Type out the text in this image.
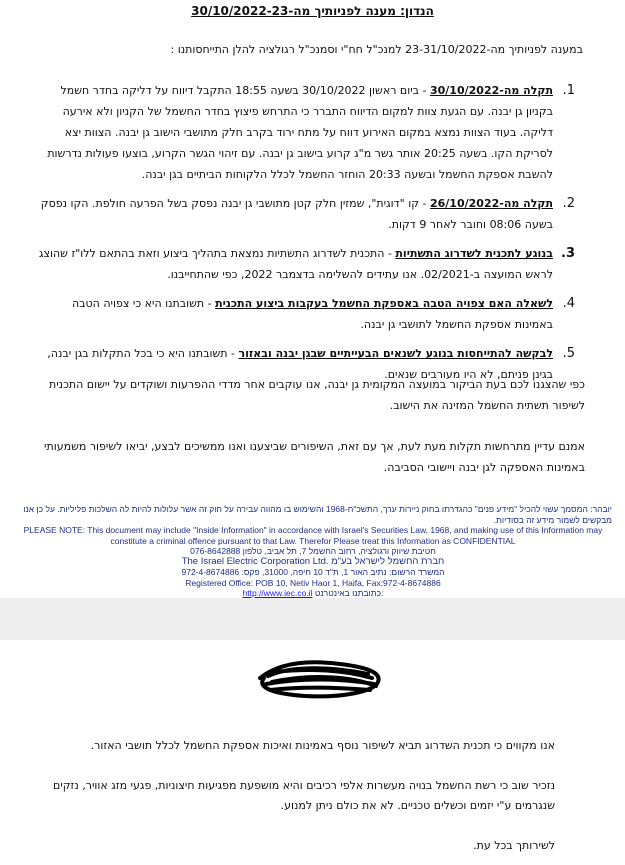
הנדון: מענה לפניותיך מה-30/10/2022-23
במענה לפניותיך מה-23-31/10/2022 למנכ"ל חח"י וסמנכ"ל רגולציה להלן התייחסותנו :
1.
תקלה מה-30/10/2022 - ביום ראשון 30/10/2022 בשעה 18:55 התקבל דיווח על דליקה בחדר חשמל בקניון גן יבנה. עם הגעת צוות למקום הדיווח התברר כי התרחש פיצוץ בחדר החשמל של הקניון ולא אירעה דליקה. בעוד הצוות נמצא במקום האירוע דווח על מתח ירוד בקרב חלק מתושבי הישוב גן יבנה. הצוות יצא לסריקת הקו. בשעה 20:25 אותר גשר מ"ג קרוע בישוב גן יבנה. עם זיהוי הגשר הקרוע, בוצעו פעולות נדרשות להשבת אספקת החשמל ובשעה 20:33 הוחזר החשמל לכלל הלקוחות הביתיים בגן יבנה.
2.
תקלה מה-26/10/2022 - קו "דוגית", שמזין חלק קטן מתושבי גן יבנה נפסק בשל הפרעה חולפת. הקו נפסק בשעה 08:06 וחובר לאחר 9 דקות.
3.
בנוגע לתכנית לשדרוג התשתיות - התכנית לשדרוג התשתיות נמצאת בתהליך ביצוע וזאת בהתאם ללו"ז שהוצג לראש המועצה ב-02/2021. אנו עתידים להשלימה בדצמבר 2022, כפי שהתחייבנו.
4.
לשאלה האם צפויה הטבה באספקת החשמל בעקבות ביצוע התכנית - תשובתנו היא כי צפויה הטבה באמינות אספקת החשמל לתושבי גן יבנה.
5.
לבקשה להתייחסות בנוגע לשנאים הבעייתיים שבגן יבנה ובאזור - תשובתנו היא כי בכל התקלות בגן יבנה, בגינן פניתם, לא היו מעורבים שנאים.
כפי שהצגנו לכם בעת הביקור במועצה המקומית גן יבנה, אנו עוקבים אחר מדדי ההפרעות ושוקדים על יישום התכנית לשיפור תשתית החשמל המזינה את הישוב.
אמנם עדיין מתרחשות תקלות מעת לעת, אך עם זאת, השיפורים שביצענו ואנו ממשיכים לבצע, יביאו לשיפור משמעותי באמינות האספקה לגן יבנה ויישובי הסביבה.
יובהר: המסמך עשוי להכיל "מידע פנים" כהגדרתו בחוק ניירות ערך, התשכ"ח-1968 והשימוש בו מהווה עבירה על חוק זה אשר עלולות להיות לה השלכות פליליות. על כן אנו מבקשים לשמור מידע זה בסודיות.
PLEASE NOTE: This document may include "Inside Information" in accordance with Israel's Securities Law, 1968, and making use of this Information may constitute a criminal offence pursuant to that Law. Therefor Please treat this Information as CONFIDENTIAL
חטיבת שיווק ורגולציה, רחוב החשמל 7, תל אביב, טלפון 076-8642888
The Israel Electric Corporation Ltd. חברת החשמל לישראל בע"מ
המשרד הרשום: נתיב האור 1, ת"ד 10 חיפה, 31000, פקס: 972-4-8674886
Registered Office: POB 10, Netiv Haor 1, Haifa, Fax:972-4-8674886
http://www.iec.co.il כתובתנו באינטרנט:
אנו מקווים כי תכנית השדרוג תביא לשיפור נוסף באמינות ואיכות אספקת החשמל לכלל תושבי האזור.
נזכיר שוב כי רשת החשמל בנויה מעשרות אלפי רכיבים והיא מושפעת מפגיעות חיצוניות, פגעי מזג אוויר, נזקים שנגרמים ע"י יזמים וכשלים טכניים. לא את כולם ניתן למנוע.
לשירותך בכל עת.
